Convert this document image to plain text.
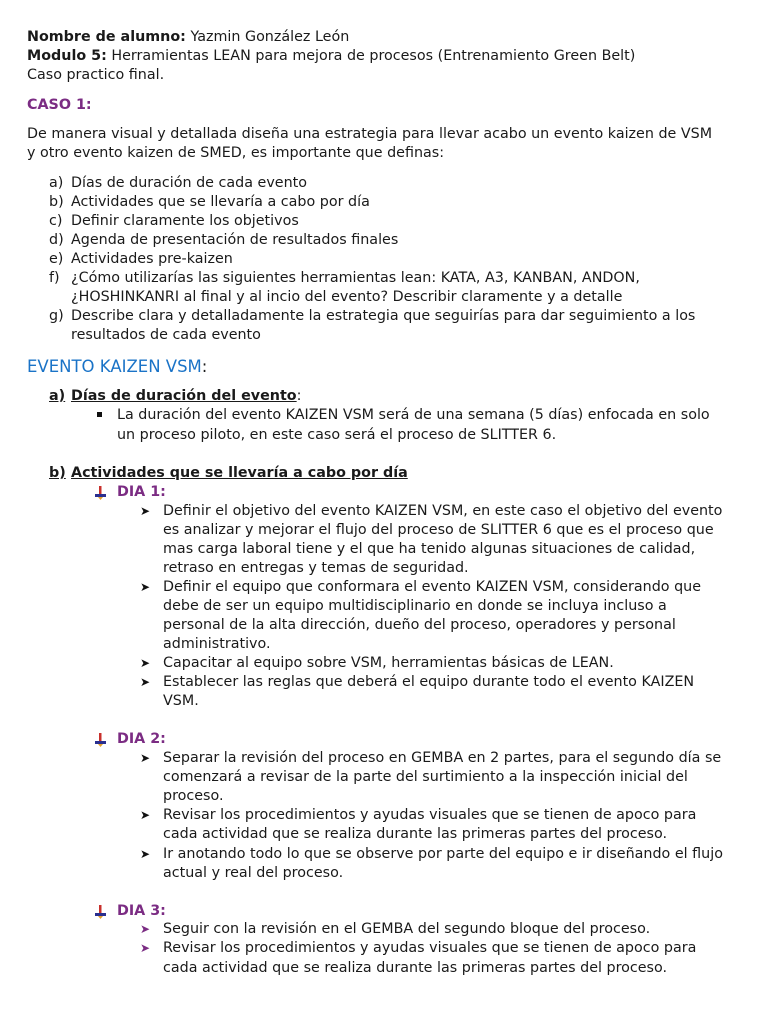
Nombre de alumno: Yazmin González León
Modulo 5: Herramientas LEAN para mejora de procesos (Entrenamiento Green Belt)
Caso practico final.
CASO 1:
De manera visual y detallada diseña una estrategia para llevar acabo un evento kaizen de VSM
y otro evento kaizen de SMED, es importante que definas:
a) Días de duración de cada evento
b) Actividades que se llevaría a cabo por día
c) Definir claramente los objetivos
d) Agenda de presentación de resultados finales
e) Actividades pre-kaizen
f) ¿Cómo utilizarías las siguientes herramientas lean: KATA, A3, KANBAN, ANDON,
¿HOSHINKANRI al final y al incio del evento? Describir claramente y a detalle
g) Describe clara y detalladamente la estrategia que seguirías para dar seguimiento a los
resultados de cada evento
EVENTO KAIZEN VSM:
a) Días de duración del evento:
La duración del evento KAIZEN VSM será de una semana (5 días) enfocada en solo
un proceso piloto, en este caso será el proceso de SLITTER 6.
b) Actividades que se llevaría a cabo por día
DIA 1:
➤ Definir el objetivo del evento KAIZEN VSM, en este caso el objetivo del evento
es analizar y mejorar el flujo del proceso de SLITTER 6 que es el proceso que
mas carga laboral tiene y el que ha tenido algunas situaciones de calidad,
retraso en entregas y temas de seguridad.
➤ Definir el equipo que conformara el evento KAIZEN VSM, considerando que
debe de ser un equipo multidisciplinario en donde se incluya incluso a
personal de la alta dirección, dueño del proceso, operadores y personal
administrativo.
➤ Capacitar al equipo sobre VSM, herramientas básicas de LEAN.
➤ Establecer las reglas que deberá el equipo durante todo el evento KAIZEN
VSM.
DIA 2:
➤ Separar la revisión del proceso en GEMBA en 2 partes, para el segundo día se
comenzará a revisar de la parte del surtimiento a la inspección inicial del
proceso.
➤ Revisar los procedimientos y ayudas visuales que se tienen de apoco para
cada actividad que se realiza durante las primeras partes del proceso.
➤ Ir anotando todo lo que se observe por parte del equipo e ir diseñando el flujo
actual y real del proceso.
DIA 3:
➤ Seguir con la revisión en el GEMBA del segundo bloque del proceso.
➤ Revisar los procedimientos y ayudas visuales que se tienen de apoco para
cada actividad que se realiza durante las primeras partes del proceso.
